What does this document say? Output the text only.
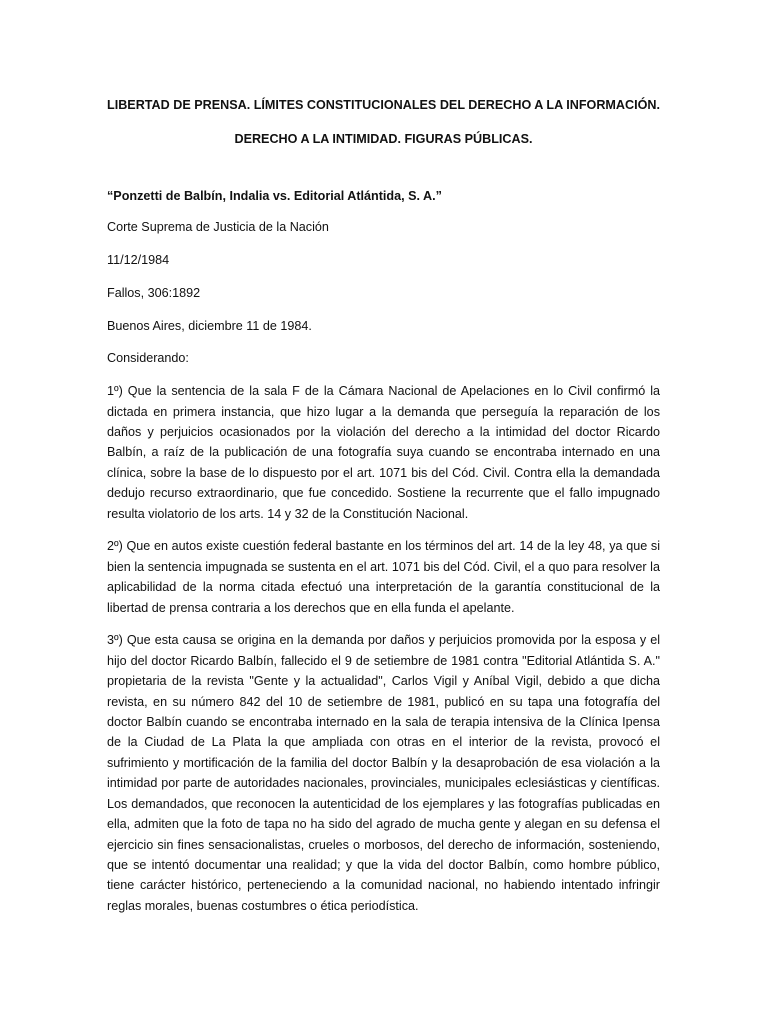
LIBERTAD DE PRENSA. LÍMITES CONSTITUCIONALES DEL DERECHO A LA INFORMACIÓN.

DERECHO A LA INTIMIDAD. FIGURAS PÚBLICAS.

“Ponzetti de Balbín, Indalia vs. Editorial Atlántida, S. A.”

Corte Suprema de Justicia de la Nación

11/12/1984

Fallos, 306:1892

Buenos Aires, diciembre 11 de 1984.

Considerando:

1º) Que la sentencia de la sala F de la Cámara Nacional de Apelaciones en lo Civil confirmó la dictada en primera instancia, que hizo lugar a la demanda que perseguía la reparación de los daños y perjuicios ocasionados por la violación del derecho a la intimidad del doctor Ricardo Balbín, a raíz de la publicación de una fotografía suya cuando se encontraba internado en una clínica, sobre la base de lo dispuesto por el art. 1071 bis del Cód. Civil. Contra ella la demandada dedujo recurso extraordinario, que fue concedido. Sostiene la recurrente que el fallo impugnado resulta violatorio de los arts. 14 y 32 de la Constitución Nacional.

2º) Que en autos existe cuestión federal bastante en los términos del art. 14 de la ley 48, ya que si bien la sentencia impugnada se sustenta en el art. 1071 bis del Cód. Civil, el a quo para resolver la aplicabilidad de la norma citada efectuó una interpretación de la garantía constitucional de la libertad de prensa contraria a los derechos que en ella funda el apelante.

3º) Que esta causa se origina en la demanda por daños y perjuicios promovida por la esposa y el hijo del doctor Ricardo Balbín, fallecido el 9 de setiembre de 1981 contra "Editorial Atlántida S. A." propietaria de la revista "Gente y la actualidad", Carlos Vigil y Aníbal Vigil, debido a que dicha revista, en su número 842 del 10 de setiembre de 1981, publicó en su tapa una fotografía del doctor Balbín cuando se encontraba internado en la sala de terapia intensiva de la Clínica Ipensa de la Ciudad de La Plata la que ampliada con otras en el interior de la revista, provocó el sufrimiento y mortificación de la familia del doctor Balbín y la desaprobación de esa violación a la intimidad por parte de autoridades nacionales, provinciales, municipales eclesiásticas y científicas. Los demandados, que reconocen la autenticidad de los ejemplares y las fotografías publicadas en ella, admiten que la foto de tapa no ha sido del agrado de mucha gente y alegan en su defensa el ejercicio sin fines sensacionalistas, crueles o morbosos, del derecho de información, sosteniendo, que se intentó documentar una realidad; y que la vida del doctor Balbín, como hombre público, tiene carácter histórico, perteneciendo a la comunidad nacional, no habiendo intentado infringir reglas morales, buenas costumbres o ética periodística.
